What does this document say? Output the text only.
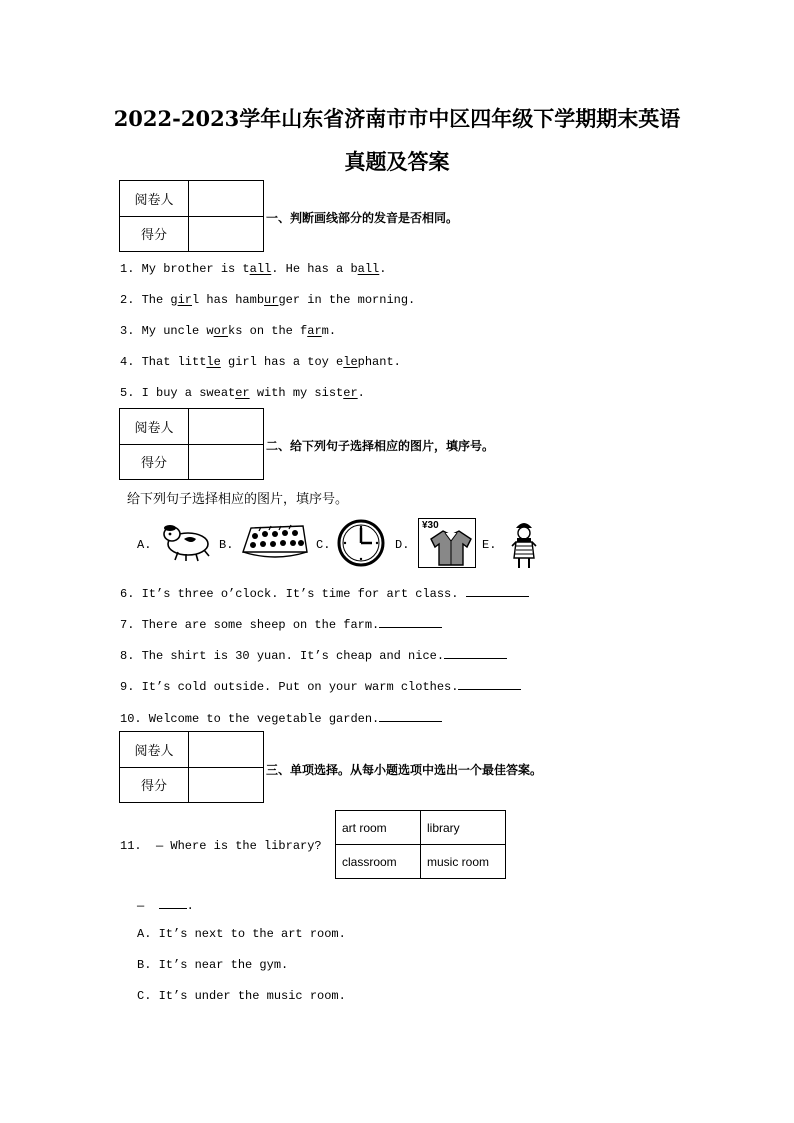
2022-2023学年山东省济南市市中区四年级下学期期末英语
真题及答案
阅卷人	
得分	
一、判断画线部分的发音是否相同。
1. My brother is tall. He has a ball.
2. The girl has hamburger in the morning.
3. My uncle works on the farm.
4. That little girl has a toy elephant.
5. I buy a sweater with my sister.
阅卷人	
得分	
二、给下列句子选择相应的图片，填序号。
给下列句子选择相应的图片，填序号。
A.	B.	C.	D.
¥30
E.
6. It’s three o’clock. It’s time for art class.
7. There are some sheep on the farm.
8. The shirt is 30 yuan. It’s cheap and nice.
9. It’s cold outside. Put on your warm clothes.
10. Welcome to the vegetable garden.
阅卷人	
得分	
三、单项选择。从每小题选项中选出一个最佳答案。
11.  — Where is the library?
art room	library
classroom	music room
—	.
A. It’s next to the art room.
B. It’s near the gym.
C. It’s under the music room.
